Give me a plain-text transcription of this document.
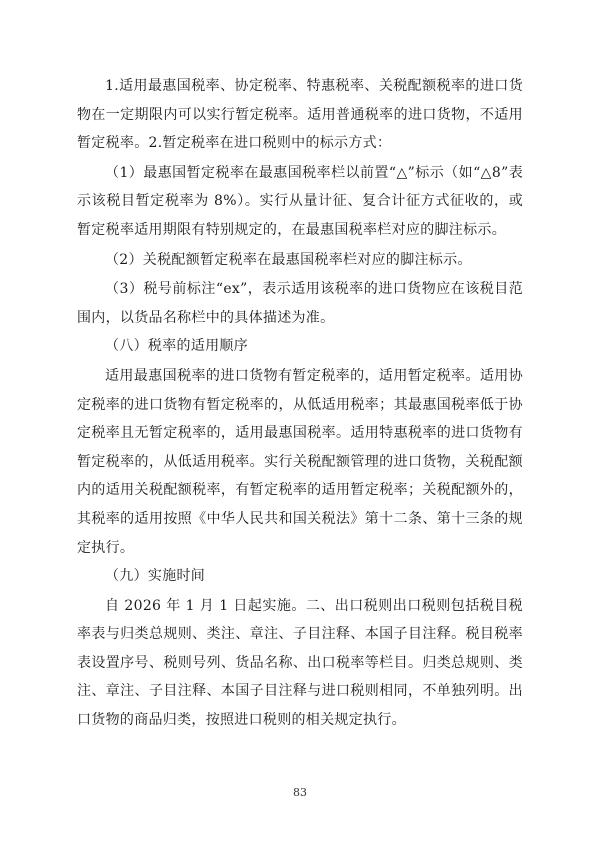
1.适用最惠国税率、协定税率、特惠税率、关税配额税率的进口货物在一定期限内可以实行暂定税率。适用普通税率的进口货物，不适用暂定税率。2.暂定税率在进口税则中的标示方式：

（1）最惠国暂定税率在最惠国税率栏以前置“△”标示（如“△8”表示该税目暂定税率为 8%）。实行从量计征、复合计征方式征收的，或暂定税率适用期限有特别规定的，在最惠国税率栏对应的脚注标示。

（2）关税配额暂定税率在最惠国税率栏对应的脚注标示。

（3）税号前标注“ex”，表示适用该税率的进口货物应在该税目范围内，以货品名称栏中的具体描述为准。

（八）税率的适用顺序

适用最惠国税率的进口货物有暂定税率的，适用暂定税率。适用协定税率的进口货物有暂定税率的，从低适用税率；其最惠国税率低于协定税率且无暂定税率的，适用最惠国税率。适用特惠税率的进口货物有暂定税率的，从低适用税率。实行关税配额管理的进口货物，关税配额内的适用关税配额税率，有暂定税率的适用暂定税率；关税配额外的，其税率的适用按照《中华人民共和国关税法》第十二条、第十三条的规定执行。

（九）实施时间

自 2026 年 1 月 1 日起实施。二、出口税则出口税则包括税目税率表与归类总规则、类注、章注、子目注释、本国子目注释。税目税率表设置序号、税则号列、货品名称、出口税率等栏目。归类总规则、类注、章注、子目注释、本国子目注释与进口税则相同，不单独列明。出口货物的商品归类，按照进口税则的相关规定执行。

83
